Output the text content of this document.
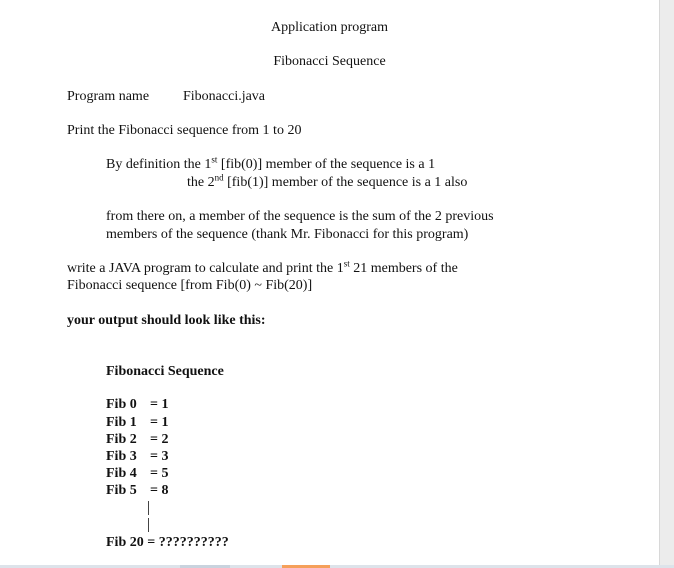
Application program
Fibonacci Sequence
Program name Fibonacci.java
Print the Fibonacci sequence from 1 to 20
By definition the 1st [fib(0)] member of the sequence is a 1
the 2nd [fib(1)] member of the sequence is a 1 also
from there on, a member of the sequence is the sum of the 2 previous
members of the sequence (thank Mr. Fibonacci for this program)
write a JAVA program to calculate and print the 1st 21 members of the
Fibonacci sequence [from Fib(0) ~ Fib(20)]
your output should look like this:
Fibonacci Sequence
Fib 0 = 1
Fib 1 = 1
Fib 2 = 2
Fib 3 = 3
Fib 4 = 5
Fib 5 = 8
Fib 20 = ??????????
